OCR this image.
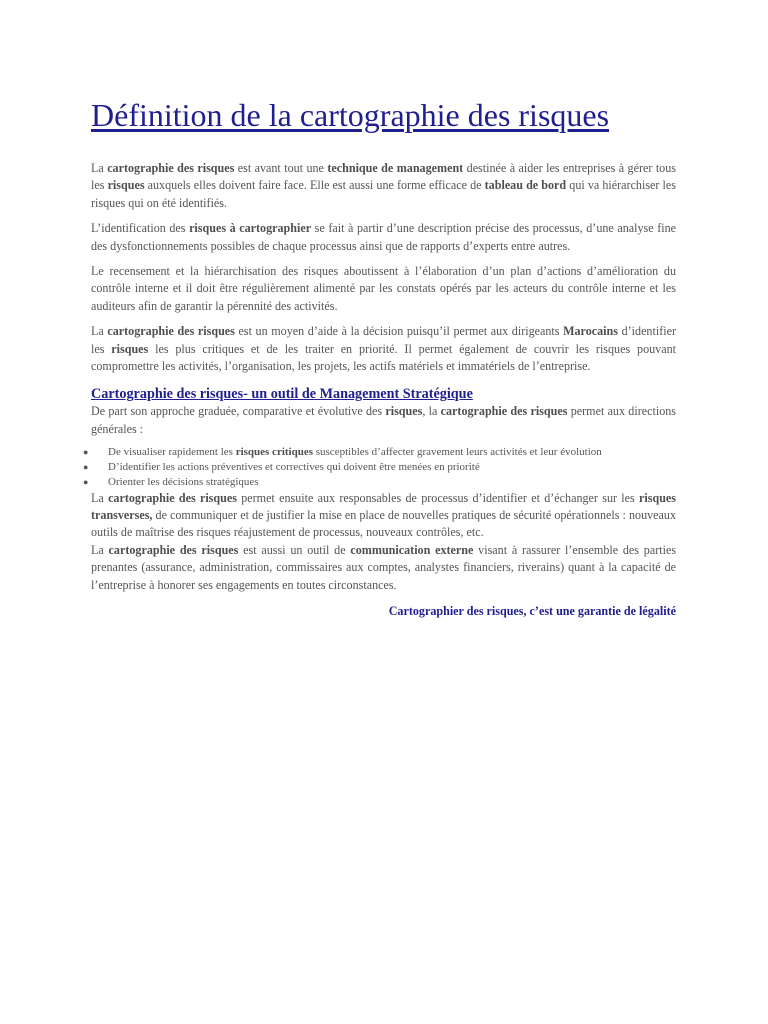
Définition de la cartographie des risques

La cartographie des risques est avant tout une technique de management destinée à aider les entreprises à gérer tous les risques auxquels elles doivent faire face. Elle est aussi une forme efficace de tableau de bord qui va hiérarchiser les risques qui on été identifiés.

L’identification des risques à cartographier se fait à partir d’une description précise des processus, d’une analyse fine des dysfonctionnements possibles de chaque processus ainsi que de rapports d’experts entre autres.

Le recensement et la hiérarchisation des risques aboutissent à l’élaboration d’un plan d’actions d’amélioration du contrôle interne et il doit être régulièrement alimenté par les constats opérés par les acteurs du contrôle interne et les auditeurs afin de garantir la pérennité des activités.

La cartographie des risques est un moyen d’aide à la décision puisqu’il permet aux dirigeants Marocains d’identifier les risques les plus critiques et de les traiter en priorité. Il permet également de couvrir les risques pouvant compromettre les activités, l’organisation, les projets, les actifs matériels et immatériels de l’entreprise.

Cartographie des risques- un outil de Management Stratégique

De part son approche graduée, comparative et évolutive des risques, la cartographie des risques permet aux directions générales :

● De visualiser rapidement les risques critiques susceptibles d’affecter gravement leurs activités et leur évolution
● D’identifier les actions préventives et correctives qui doivent être menées en priorité
● Orienter les décisions stratégiques

La cartographie des risques permet ensuite aux responsables de processus d’identifier et d’échanger sur les risques transverses, de communiquer et de justifier la mise en place de nouvelles pratiques de sécurité opérationnels : nouveaux outils de maîtrise des risques réajustement de processus, nouveaux contrôles, etc.

La cartographie des risques est aussi un outil de communication externe visant à rassurer l’ensemble des parties prenantes (assurance, administration, commissaires aux comptes, analystes financiers, riverains) quant à la capacité de l’entreprise à honorer ses engagements en toutes circonstances.

Cartographier des risques, c’est une garantie de légalité
